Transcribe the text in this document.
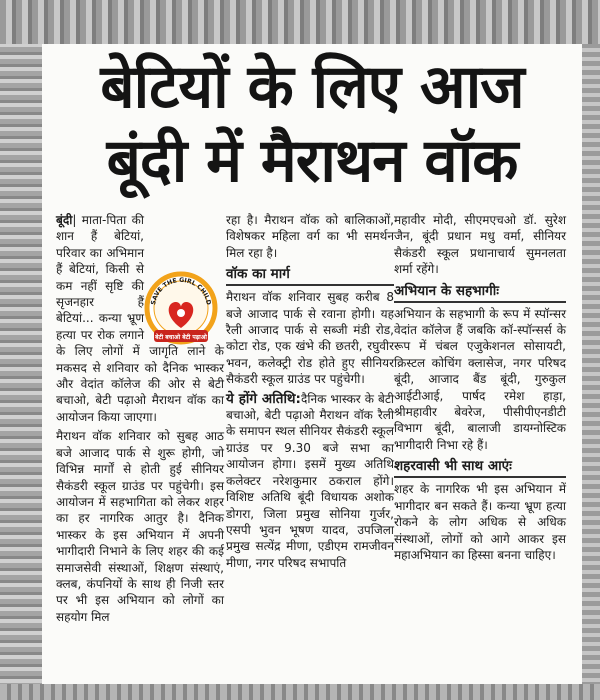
बेटियों के लिए आज
बूंदी में मैराथन वॉक

बूंदी| माता-पिता की शान हैं बेटियां, परिवार का अभिमान हैं बेटियां, किसी से कम नहीं सृष्टि की सृजनहार हैं बेटियां... कन्या भ्रूण हत्या पर रोक लगाने के लिए लोगों में जागृति लाने के मकसद से शनिवार को दैनिक भास्कर और वेदांत कॉलेज की ओर से बेटी बचाओ, बेटी पढ़ाओ मैराथन वॉक का आयोजन किया जाएगा।

मैराथन वॉक शनिवार को सुबह आठ बजे आजाद पार्क से शुरू होगी, जो विभिन्न मार्गों से होती हुई सीनियर सैकंडरी स्कूल ग्राउंड पर पहुंचेगी। इस आयोजन में सहभागिता को लेकर शहर का हर नागरिक आतुर है। दैनिक भास्कर के इस अभियान में अपनी भागीदारी निभाने के लिए शहर की कई समाजसेवी संस्थाओं, शिक्षण संस्थाएं, क्लब, कंपनियों के साथ ही निजी स्तर पर भी इस अभियान को लोगों का सहयोग मिल

रहा है। मैराथन वॉक को बालिकाओं, विशेषकर महिला वर्ग का भी समर्थन मिल रहा है।

वॉक का मार्ग

मैराथन वॉक शनिवार सुबह करीब 8 बजे आजाद पार्क से रवाना होगी। यह रैली आजाद पार्क से सब्जी मंडी रोड, कोटा रोड, एक खंभे की छतरी, रघुवीर भवन, कलेक्ट्री रोड होते हुए सीनियर सैकंडरी स्कूल ग्राउंड पर पहुंचेगी।

ये होंगे अतिथि:दैनिक भास्कर के बेटी बचाओ, बेटी पढ़ाओ मैराथन वॉक रैली के समापन स्थल सीनियर सैकंडरी स्कूल ग्राउंड पर 9.30 बजे सभा का आयोजन होगा। इसमें मुख्य अतिथि कलेक्टर नरेशकुमार ठकराल होंगे। विशिष्ट अतिथि बूंदी विधायक अशोक डोगरा, जिला प्रमुख सोनिया गुर्जर, एसपी भुवन भूषण यादव, उपजिला प्रमुख सत्येंद्र मीणा, एडीएम रामजीवन मीणा, नगर परिषद सभापति

महावीर मोदी, सीएमएचओ डॉ. सुरेश जैन, बूंदी प्रधान मधु वर्मा, सीनियर सैकंडरी स्कूल प्रधानाचार्य सुमनलता शर्मा रहेंगे।

अभियान के सहभागीः

अभियान के सहभागी के रूप में स्पॉन्सर वेदांत कॉलेज हैं जबकि कॉ-स्पॉन्सर्स के रूप में चंबल एजुकेशनल सोसायटी, क्रिस्टल कोचिंग क्लासेज, नगर परिषद बूंदी, आजाद बैंड बूंदी, गुरुकुल आईटीआई, पार्षद रमेश हाड़ा, श्रीमहावीर बेवरेज, पीसीपीएनडीटी विभाग बूंदी, बालाजी डायग्नोस्टिक भागीदारी निभा रहे हैं।

शहरवासी भी साथ आएंः

शहर के नागरिक भी इस अभियान में भागीदार बन सकते हैं। कन्या भ्रूण हत्या रोकने के लोग अधिक से अधिक संस्थाओं, लोगों को आगे आकर इस महाअभियान का हिस्सा बनना चाहिए।

SAVE THE GIRL CHILD
बेटी बचाओ बेटी पढ़ाओ
